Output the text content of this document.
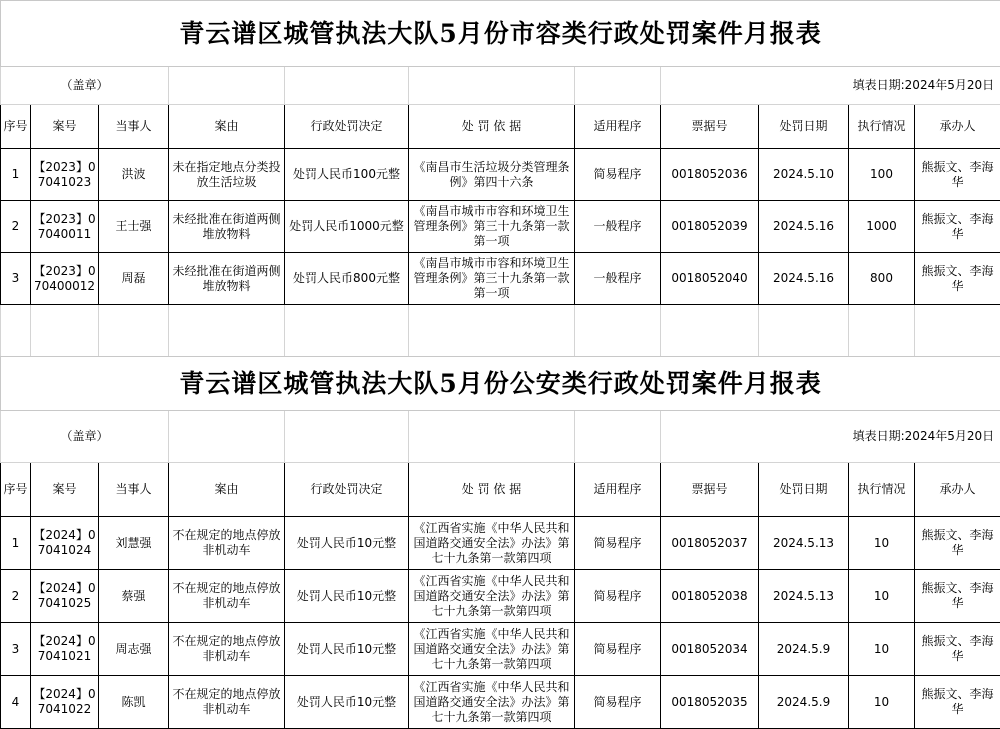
青云谱区城管执法大队5月份市容类行政处罚案件月报表										
（盖章）							填表日期:2024年5月20日			
序号	案号	当事人	案由	行政处罚决定	处 罚 依 据	适用程序	票据号	处罚日期	执行情况	承办人
1	【2023】07041023	洪波	未在指定地点分类投放生活垃圾	处罚人民币100元整	《南昌市生活垃圾分类管理条例》第四十六条	简易程序	0018052036	2024.5.10	100	熊振文、李海华
2	【2023】07040011	王士强	未经批准在街道两侧堆放物料	处罚人民币1000元整	《南昌市城市市容和环境卫生管理条例》第三十九条第一款第一项	一般程序	0018052039	2024.5.16	1000	熊振文、李海华
3	【2023】070400012	周磊	未经批准在街道两侧堆放物料	处罚人民币800元整	《南昌市城市市容和环境卫生管理条例》第三十九条第一款第一项	一般程序	0018052040	2024.5.16	800	熊振文、李海华

青云谱区城管执法大队5月份公安类行政处罚案件月报表										
（盖章）							填表日期:2024年5月20日			
序号	案号	当事人	案由	行政处罚决定	处 罚 依 据	适用程序	票据号	处罚日期	执行情况	承办人
1	【2024】07041024	刘慧强	不在规定的地点停放非机动车	处罚人民币10元整	《江西省实施《中华人民共和国道路交通安全法》办法》第七十九条第一款第四项	简易程序	0018052037	2024.5.13	10	熊振文、李海华
2	【2024】07041025	蔡强	不在规定的地点停放非机动车	处罚人民币10元整	《江西省实施《中华人民共和国道路交通安全法》办法》第七十九条第一款第四项	简易程序	0018052038	2024.5.13	10	熊振文、李海华
3	【2024】07041021	周志强	不在规定的地点停放非机动车	处罚人民币10元整	《江西省实施《中华人民共和国道路交通安全法》办法》第七十九条第一款第四项	简易程序	0018052034	2024.5.9	10	熊振文、李海华
4	【2024】07041022	陈凯	不在规定的地点停放非机动车	处罚人民币10元整	《江西省实施《中华人民共和国道路交通安全法》办法》第七十九条第一款第四项	简易程序	0018052035	2024.5.9	10	熊振文、李海华
